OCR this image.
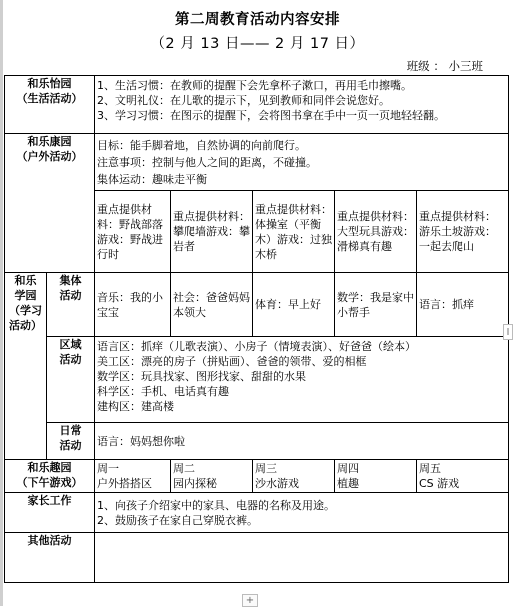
第二周教育活动内容安排
（2 月 13 日—— 2 月 17 日）
班级 ： 小三班
和乐怡园
（生活活动）		1、生活习惯：在教师的提醒下会先拿杯子漱口，再用毛巾擦嘴。
2、文明礼仪：在儿歌的提示下，见到教师和同伴会说您好。
3、学习习惯：在图示的提醒下，会将图书拿在手中一页一页地轻轻翻。				

和乐康园
（户外活动）		目标：能手脚着地，自然协调的向前爬行。
注意事项：控制与他人之间的距离，不碰撞。
集体运动：趣味走平衡				

		重点提供材料：野战部落游戏：野战进行时	重点提供材料：攀爬墙游戏：攀岩者	重点提供材料：体操室（平衡木）游戏：过独木桥	重点提供材料：大型玩具游戏：滑梯真有趣	重点提供材料：游乐土坡游戏：一起去爬山

和乐
学园
（学习
活动）	集体
活动	音乐：我的小宝宝	社会：爸爸妈妈本领大	体育：早上好	数学：我是家中小帮手	语言：抓痒

	区域
活动	语言区：抓痒（儿歌表演）、小房子（情境表演）、好爸爸（绘本）
美工区：漂亮的房子（拼贴画）、爸爸的领带、爱的相框
数学区：玩具找家、图形找家、甜甜的水果
科学区：手机、电话真有趣
建构区：建高楼				

	日常
活动	语言：妈妈想你啦				

和乐趣园
（下午游戏）		周一
户外搭搭区	周二
园内探秘	周三
沙水游戏	周四
植趣	周五
CS 游戏

家长工作		1、向孩子介绍家中的家具、电器的名称及用途。
2、鼓励孩子在家自己穿脱衣裤。				

其他活动						
+
